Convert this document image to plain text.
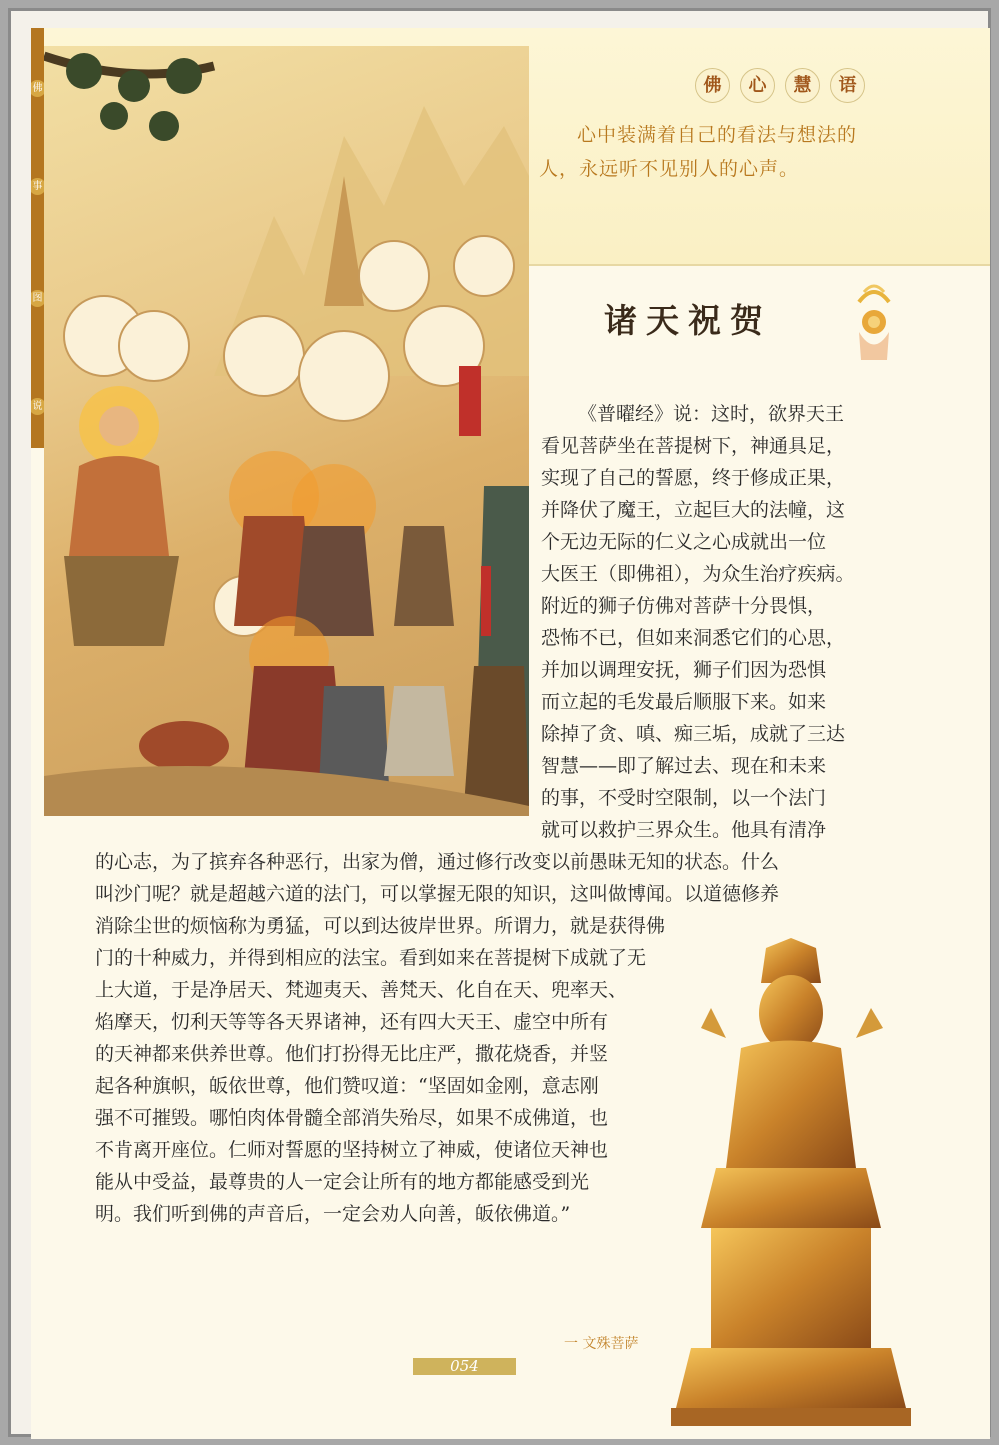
佛
事
图
说
佛	心	慧	语
心中装满着自己的看法与想法的人，永远听不见别人的心声。
诸天祝贺
《普曜经》说：这时，欲界天王
看见菩萨坐在菩提树下，神通具足，
实现了自己的誓愿，终于修成正果，
并降伏了魔王，立起巨大的法幢，这
个无边无际的仁义之心成就出一位
大医王（即佛祖），为众生治疗疾病。
附近的狮子仿佛对菩萨十分畏惧，
恐怖不已，但如来洞悉它们的心思，
并加以调理安抚，狮子们因为恐惧
而立起的毛发最后顺服下来。如来
除掉了贪、嗔、痴三垢，成就了三达
智慧——即了解过去、现在和未来
的事，不受时空限制，以一个法门
就可以救护三界众生。他具有清净
的心志，为了摈弃各种恶行，出家为僧，通过修行改变以前愚昧无知的状态。什么
叫沙门呢？就是超越六道的法门，可以掌握无限的知识，这叫做博闻。以道德修养
消除尘世的烦恼称为勇猛，可以到达彼岸世界。所谓力，就是获得佛
门的十种威力，并得到相应的法宝。看到如来在菩提树下成就了无
上大道，于是净居天、梵迦夷天、善梵天、化自在天、兜率天、
焰摩天，忉利天等等各天界诸神，还有四大天王、虚空中所有
的天神都来供养世尊。他们打扮得无比庄严，撒花烧香，并竖
起各种旗帜，皈依世尊，他们赞叹道：“坚固如金刚，意志刚
强不可摧毁。哪怕肉体骨髓全部消失殆尽，如果不成佛道，也
不肯离开座位。仁师对誓愿的坚持树立了神威，使诸位天神也
能从中受益，最尊贵的人一定会让所有的地方都能感受到光
明。我们听到佛的声音后，一定会劝人向善，皈依佛道。”
一 文殊菩萨
054
